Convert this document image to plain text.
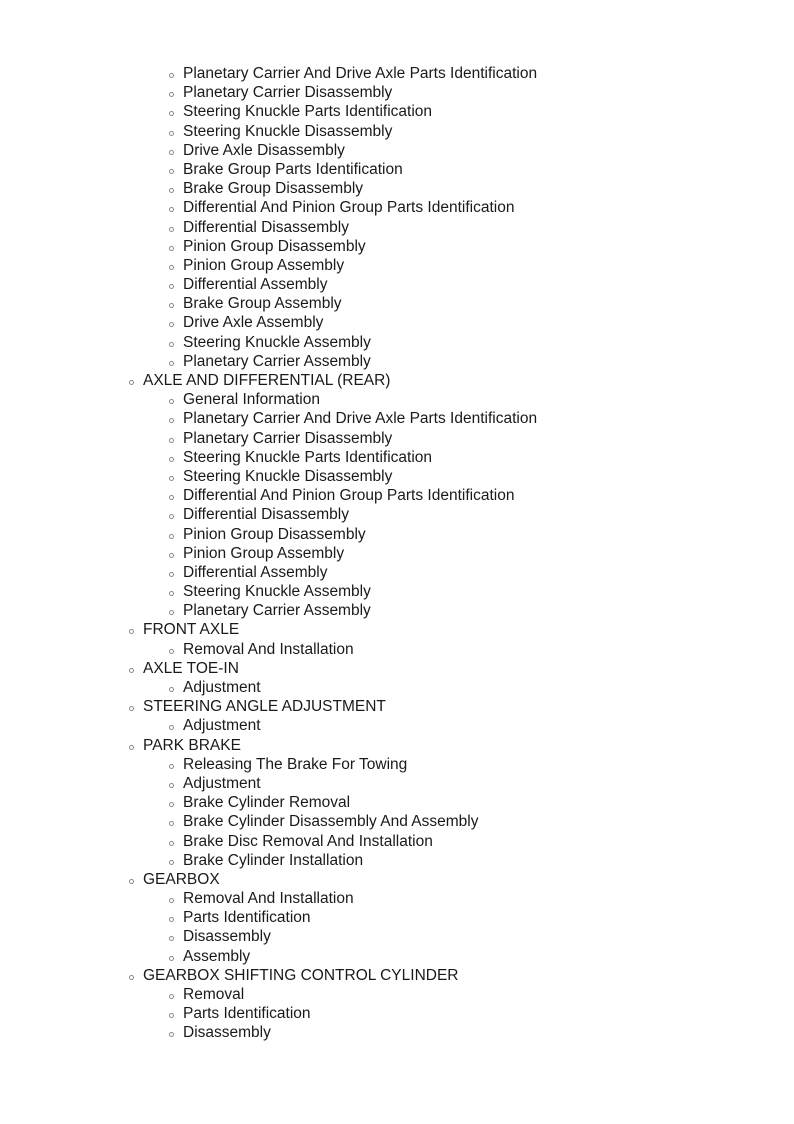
Planetary Carrier And Drive Axle Parts Identification
Planetary Carrier Disassembly
Steering Knuckle Parts Identification
Steering Knuckle Disassembly
Drive Axle Disassembly
Brake Group Parts Identification
Brake Group Disassembly
Differential And Pinion Group Parts Identification
Differential Disassembly
Pinion Group Disassembly
Pinion Group Assembly
Differential Assembly
Brake Group Assembly
Drive Axle Assembly
Steering Knuckle Assembly
Planetary Carrier Assembly
AXLE AND DIFFERENTIAL (REAR)
General Information
Planetary Carrier And Drive Axle Parts Identification
Planetary Carrier Disassembly
Steering Knuckle Parts Identification
Steering Knuckle Disassembly
Differential And Pinion Group Parts Identification
Differential Disassembly
Pinion Group Disassembly
Pinion Group Assembly
Differential Assembly
Steering Knuckle Assembly
Planetary Carrier Assembly
FRONT AXLE
Removal And Installation
AXLE TOE-IN
Adjustment
STEERING ANGLE ADJUSTMENT
Adjustment
PARK BRAKE
Releasing The Brake For Towing
Adjustment
Brake Cylinder Removal
Brake Cylinder Disassembly And Assembly
Brake Disc Removal And Installation
Brake Cylinder Installation
GEARBOX
Removal And Installation
Parts Identification
Disassembly
Assembly
GEARBOX SHIFTING CONTROL CYLINDER
Removal
Parts Identification
Disassembly
